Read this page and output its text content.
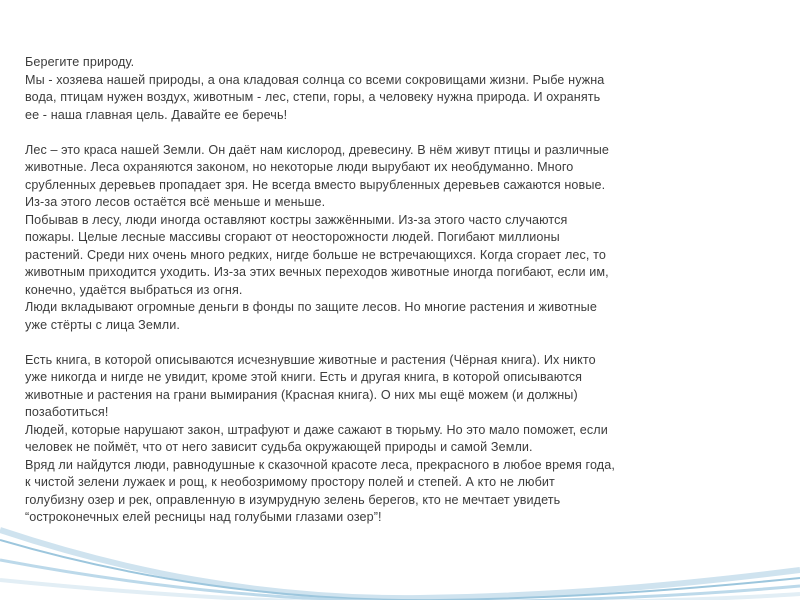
Берегите природу.
Мы - хозяева нашей природы, а она кладовая солнца со всеми сокровищами жизни. Рыбе нужна
вода, птицам нужен воздух, животным - лес, степи, горы, а человеку нужна природа. И охранять
ее - наша главная цель. Давайте ее беречь!
Лес – это краса нашей Земли. Он даёт нам кислород, древесину. В нём живут птицы и различные
животные. Леса охраняются законом, но некоторые люди вырубают их необдуманно. Много
срубленных деревьев пропадает зря. Не всегда вместо вырубленных деревьев сажаются новые.
Из-за этого лесов остаётся всё меньше и меньше.
Побывав в лесу, люди иногда оставляют костры зажжёнными. Из-за этого часто случаются
пожары. Целые лесные массивы сгорают от неосторожности людей. Погибают миллионы
растений. Среди них очень много редких, нигде больше не встречающихся. Когда сгорает лес, то
животным приходится уходить. Из-за этих вечных переходов животные иногда погибают, если им,
конечно, удаётся выбраться из огня.
Люди вкладывают огромные деньги в фонды по защите лесов. Но многие растения и животные
уже стёрты с лица Земли.
Есть книга, в которой описываются исчезнувшие животные и растения (Чёрная книга). Их никто
уже никогда и нигде не увидит, кроме этой книги. Есть и другая книга, в которой описываются
животные и растения на грани вымирания (Красная книга). О них мы ещё можем (и должны)
позаботиться!
Людей, которые нарушают закон, штрафуют и даже сажают в тюрьму. Но это мало поможет, если
человек не поймёт, что от него зависит судьба окружающей природы и самой Земли.
Вряд ли найдутся люди, равнодушные к сказочной красоте леса, прекрасного в любое время года,
к чистой зелени лужаек и рощ, к необозримому простору полей и степей. А кто не любит
голубизну озер и рек, оправленную в изумрудную зелень берегов, кто не мечтает увидеть
“остроконечных елей ресницы над голубыми глазами озер”!
